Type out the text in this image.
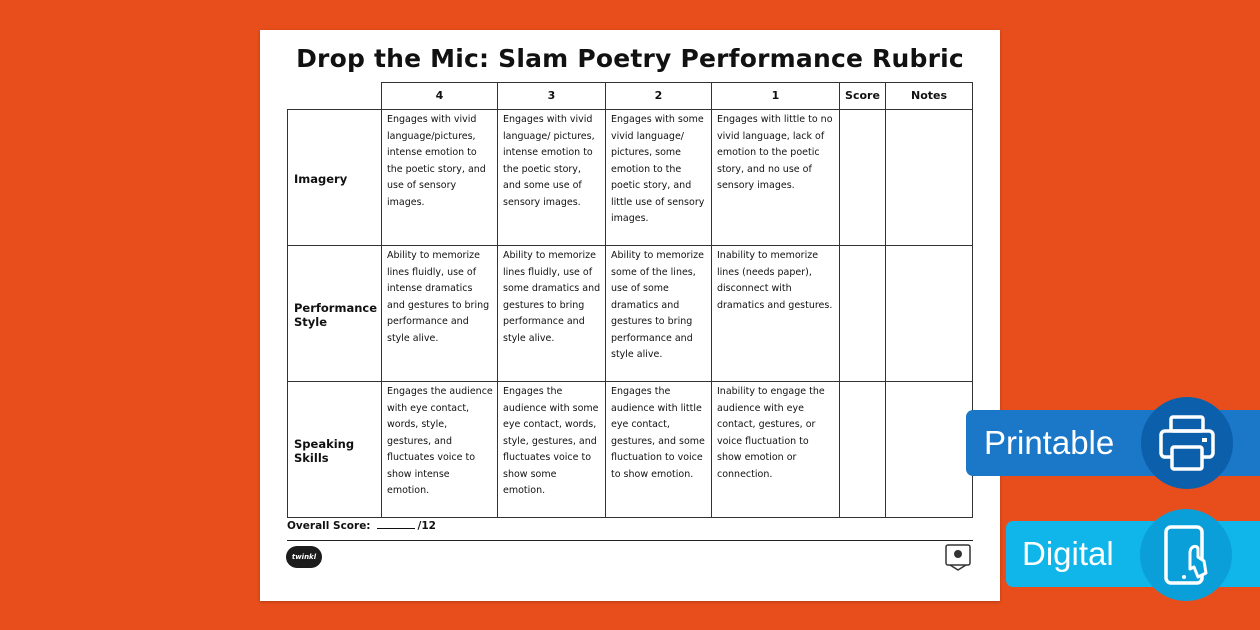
Drop the Mic: Slam Poetry Performance Rubric
	4	3	2	1	Score	Notes
Imagery	Engages with vivid language/pictures, intense emotion to the poetic story, and use of sensory images.	Engages with vivid language/ pictures, intense emotion to the poetic story, and some use of sensory images.	Engages with some vivid language/ pictures, some emotion to the poetic story, and little use of sensory images.	Engages with little to no vivid language, lack of emotion to the poetic story, and no use of sensory images.		
Performance Style	Ability to memorize lines fluidly, use of intense dramatics and gestures to bring performance and style alive.	Ability to memorize lines fluidly, use of some dramatics and gestures to bring performance and style alive.	Ability to memorize some of the lines, use of some dramatics and gestures to bring performance and style alive.	Inability to memorize lines (needs paper), disconnect with dramatics and gestures.		
Speaking Skills	Engages the audience with eye contact, words, style, gestures, and fluctuates voice to show intense emotion.	Engages the audience with some eye contact, words, style, gestures, and fluctuates voice to show some emotion.	Engages the audience with little eye contact, gestures, and some fluctuation to voice to show emotion.	Inability to engage the audience with eye contact, gestures, or voice fluctuation to show emotion or connection.		
Overall Score:	/12
twinkl
Printable
Digital
